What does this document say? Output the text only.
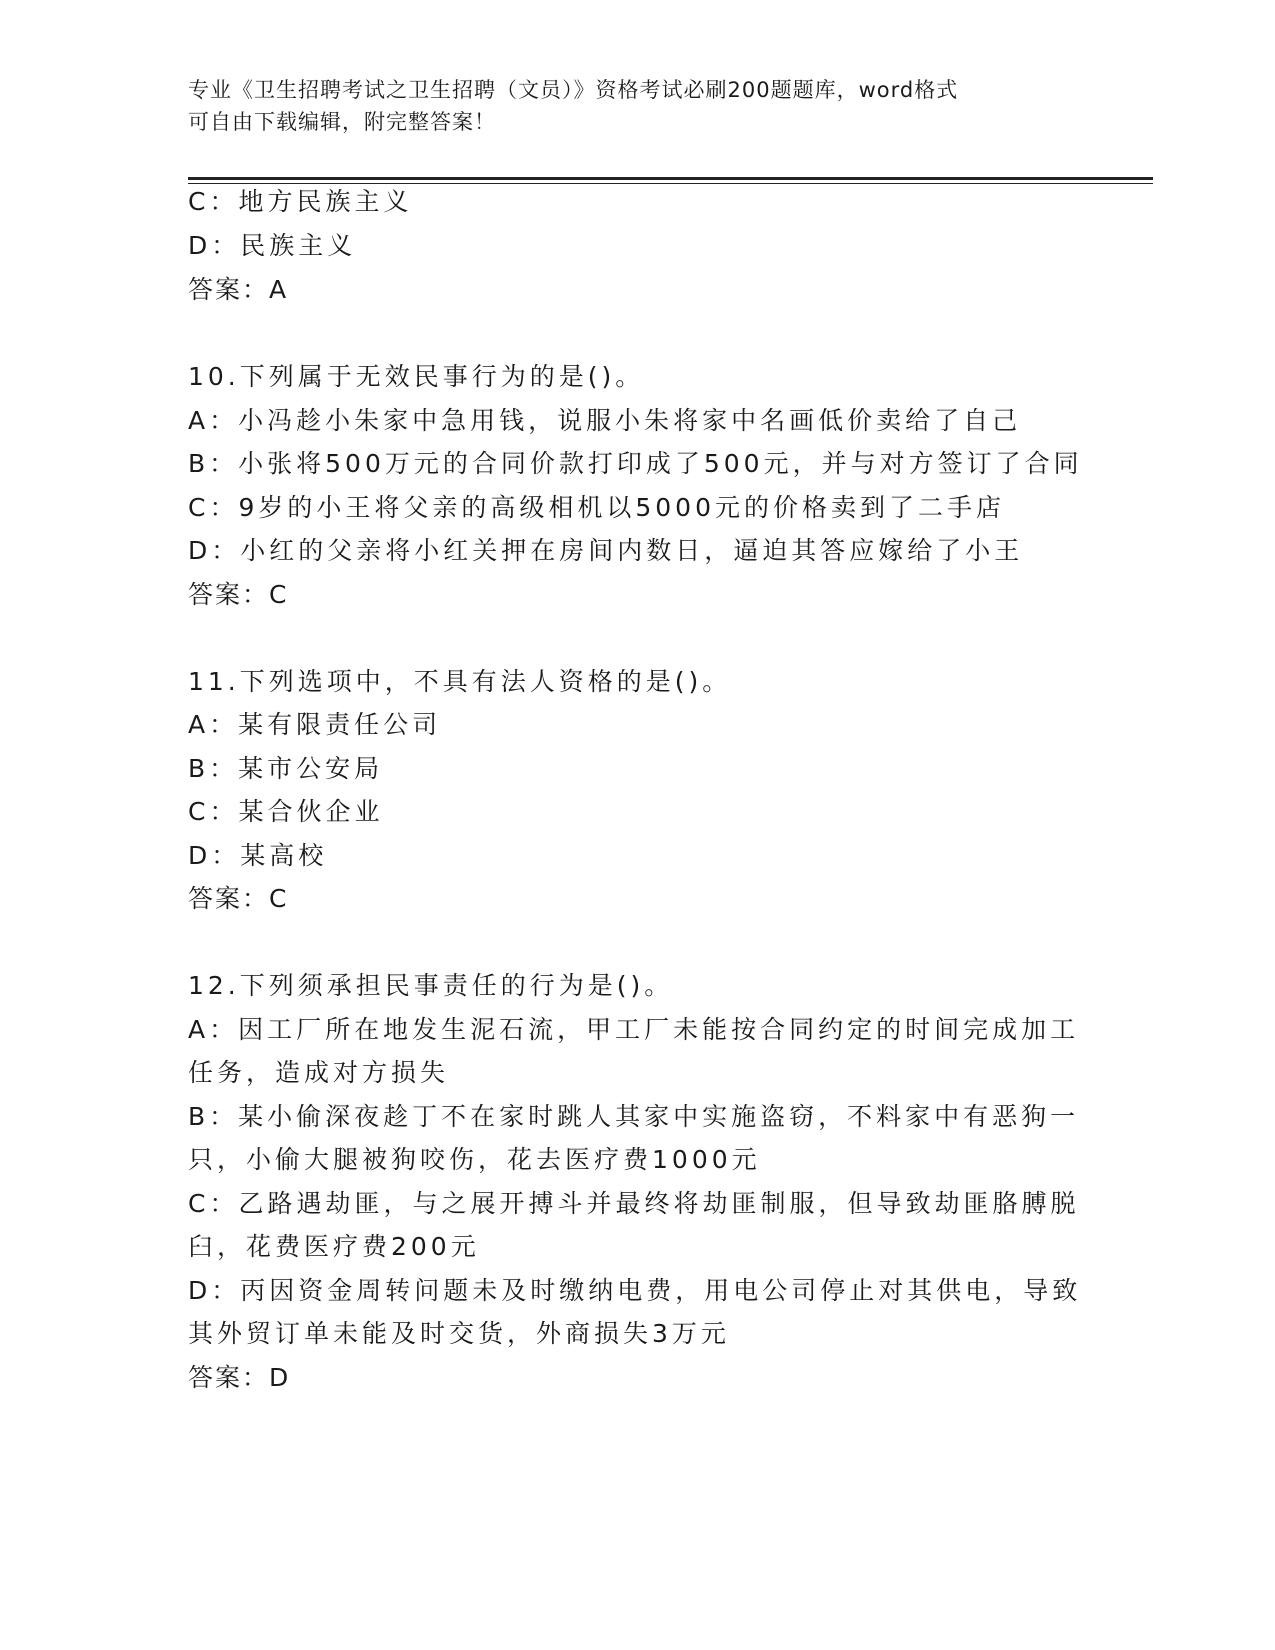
专业《卫生招聘考试之卫生招聘（文员）》资格考试必刷200题题库，word格式
可自由下载编辑，附完整答案！
C：地方民族主义
D：民族主义
答案：A
10.下列属于无效民事行为的是()。
A：小冯趁小朱家中急用钱，说服小朱将家中名画低价卖给了自己
B：小张将500万元的合同价款打印成了500元，并与对方签订了合同
C：9岁的小王将父亲的高级相机以5000元的价格卖到了二手店
D：小红的父亲将小红关押在房间内数日，逼迫其答应嫁给了小王
答案：C
11.下列选项中，不具有法人资格的是()。
A：某有限责任公司
B：某市公安局
C：某合伙企业
D：某高校
答案：C
12.下列须承担民事责任的行为是()。
A：因工厂所在地发生泥石流，甲工厂未能按合同约定的时间完成加工
任务，造成对方损失
B：某小偷深夜趁丁不在家时跳人其家中实施盗窃，不料家中有恶狗一
只，小偷大腿被狗咬伤，花去医疗费1000元
C：乙路遇劫匪，与之展开搏斗并最终将劫匪制服，但导致劫匪胳膊脱
臼，花费医疗费200元
D：丙因资金周转问题未及时缴纳电费，用电公司停止对其供电，导致
其外贸订单未能及时交货，外商损失3万元
答案：D
